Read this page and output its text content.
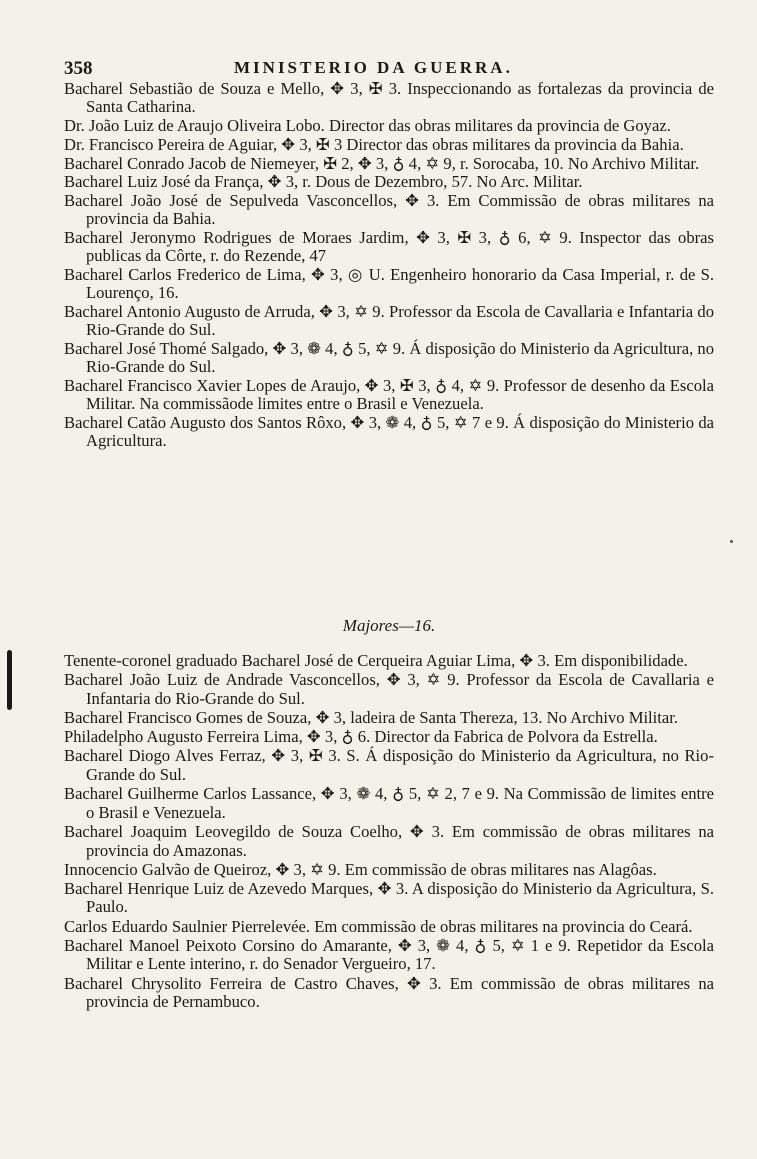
358	MINISTERIO DA GUERRA.

Bacharel Sebastião de Souza e Mello, ✥ 3, ✠ 3. Inspeccionando as fortalezas da provincia de Santa Catharina.

Dr. João Luiz de Araujo Oliveira Lobo. Director das obras militares da provincia de Goyaz.

Dr. Francisco Pereira de Aguiar, ✥ 3, ✠ 3 Director das obras militares da provincia da Bahia.

Bacharel Conrado Jacob de Niemeyer, ✠ 2, ✥ 3, ♁ 4, ✡ 9, r. Sorocaba, 10. No Archivo Militar.

Bacharel Luiz José da França, ✥ 3, r. Dous de Dezembro, 57. No Arc. Militar.

Bacharel João José de Sepulveda Vasconcellos, ✥ 3. Em Commissão de obras militares na provincia da Bahia.

Bacharel Jeronymo Rodrigues de Moraes Jardim, ✥ 3, ✠ 3, ♁ 6, ✡ 9. Inspector das obras publicas da Côrte, r. do Rezende, 47

Bacharel Carlos Frederico de Lima, ✥ 3, ◎ U. Engenheiro honorario da Casa Imperial, r. de S. Lourenço, 16.

Bacharel Antonio Augusto de Arruda, ✥ 3, ✡ 9. Professor da Escola de Cavallaria e Infantaria do Rio-Grande do Sul.

Bacharel José Thomé Salgado, ✥ 3, ❁ 4, ♁ 5, ✡ 9. Á disposição do Ministerio da Agricultura, no Rio-Grande do Sul.

Bacharel Francisco Xavier Lopes de Araujo, ✥ 3, ✠ 3, ♁ 4, ✡ 9. Professor de desenho da Escola Militar. Na commissãode limites entre o Brasil e Venezuela.

Bacharel Catão Augusto dos Santos Rôxo, ✥ 3, ❁ 4, ♁ 5, ✡ 7 e 9. Á disposição do Ministerio da Agricultura.

Majores—16.

Tenente-coronel graduado Bacharel José de Cerqueira Aguiar Lima, ✥ 3. Em disponibilidade.

Bacharel João Luiz de Andrade Vasconcellos, ✥ 3, ✡ 9. Professor da Escola de Cavallaria e Infantaria do Rio-Grande do Sul.

Bacharel Francisco Gomes de Souza, ✥ 3, ladeira de Santa Thereza, 13. No Archivo Militar.

Philadelpho Augusto Ferreira Lima, ✥ 3, ♁ 6. Director da Fabrica de Polvora da Estrella.

Bacharel Diogo Alves Ferraz, ✥ 3, ✠ 3. S. Á disposição do Ministerio da Agricultura, no Rio-Grande do Sul.

Bacharel Guilherme Carlos Lassance, ✥ 3, ❁ 4, ♁ 5, ✡ 2, 7 e 9. Na Commissão de limites entre o Brasil e Venezuela.

Bacharel Joaquim Leovegildo de Souza Coelho, ✥ 3. Em commissão de obras militares na provincia do Amazonas.

Innocencio Galvão de Queiroz, ✥ 3, ✡ 9. Em commissão de obras militares nas Alagôas.

Bacharel Henrique Luiz de Azevedo Marques, ✥ 3. A disposição do Ministerio da Agricultura, S. Paulo.

Carlos Eduardo Saulnier Pierrelevée. Em commissão de obras militares na provincia do Ceará.

Bacharel Manoel Peixoto Corsino do Amarante, ✥ 3, ❁ 4, ♁ 5, ✡ 1 e 9. Repetidor da Escola Militar e Lente interino, r. do Senador Vergueiro, 17.

Bacharel Chrysolito Ferreira de Castro Chaves, ✥ 3. Em commissão de obras militares na provincia de Pernambuco.
